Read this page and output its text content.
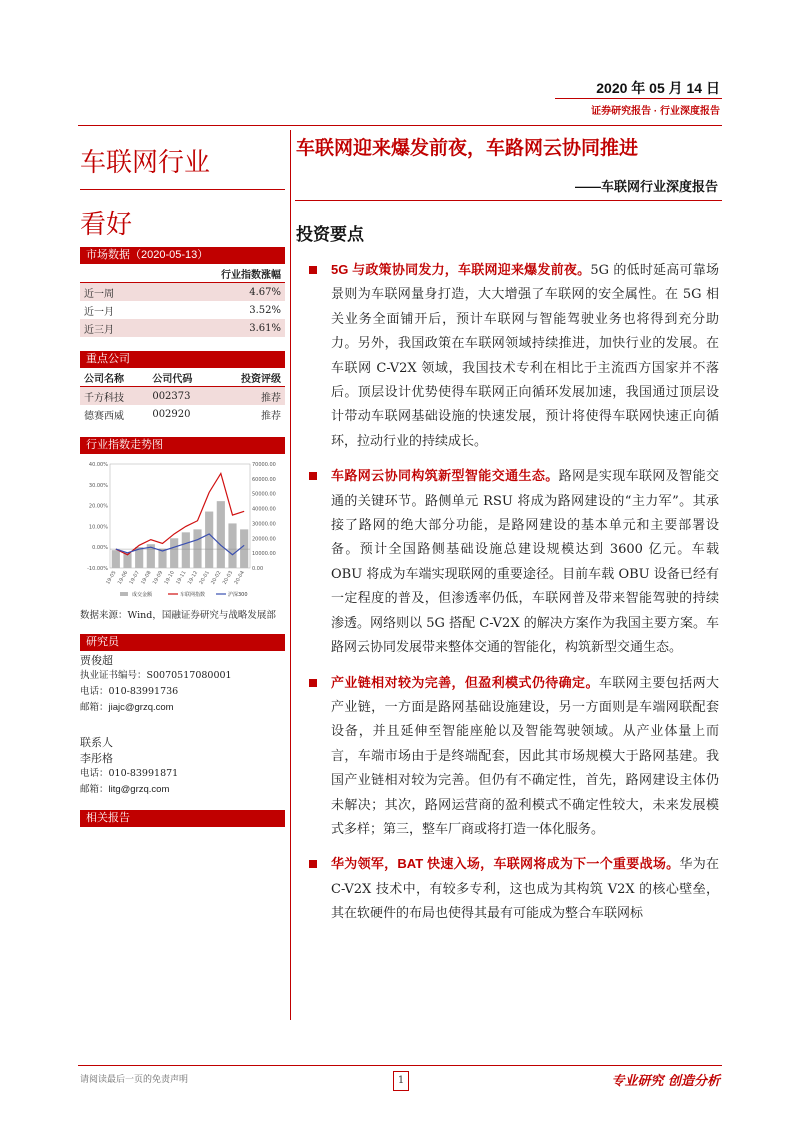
2020 年 05 月 14 日
证券研究报告 · 行业深度报告
车联网行业
看好
市场数据（2020-05-13）
	行业指数涨幅
近一周	4.67%
近一月	3.52%
近三月	3.61%
重点公司
公司名称	公司代码	投资评级
千方科技	002373	推荐
德赛西威	002920	推荐
行业指数走势图
40.00%
30.00%
20.00%
10.00%
0.00%
-10.00%
70000.00
60000.00
50000.00
40000.00
30000.00
20000.00
10000.00
0.00
19-05 19-06 19-07 19-08 19-09 19-10 19-11 19-12 20-01 20-02 20-03 20-04
成交金额	车联网指数	沪深300
数据来源：Wind，国融证券研究与战略发展部
研究员
贾俊超
执业证书编号：S0070517080001
电话：010-83991736
邮箱：jiajc@grzq.com
联系人
李彤格
电话：010-83991871
邮箱：litg@grzq.com
相关报告
车联网迎来爆发前夜，车路网云协同推进
——车联网行业深度报告
投资要点
5G 与政策协同发力，车联网迎来爆发前夜。5G 的低时延高可靠场景则为车联网量身打造，大大增强了车联网的安全属性。在 5G 相关业务全面铺开后，预计车联网与智能驾驶业务也将得到充分助力。另外，我国政策在车联网领域持续推进，加快行业的发展。在车联网 C-V2X 领域，我国技术专利在相比于主流西方国家并不落后。顶层设计优势使得车联网正向循环发展加速，我国通过顶层设计带动车联网基础设施的快速发展，预计将使得车联网快速正向循环，拉动行业的持续成长。
车路网云协同构筑新型智能交通生态。路网是实现车联网及智能交通的关键环节。路侧单元 RSU 将成为路网建设的“主力军”。其承接了路网的绝大部分功能，是路网建设的基本单元和主要部署设备。预计全国路侧基础设施总建设规模达到 3600 亿元。车载 OBU 将成为车端实现联网的重要途径。目前车载 OBU 设备已经有一定程度的普及，但渗透率仍低，车联网普及带来智能驾驶的持续渗透。网络则以 5G 搭配 C-V2X 的解决方案作为我国主要方案。车路网云协同发展带来整体交通的智能化，构筑新型交通生态。
产业链相对较为完善，但盈利模式仍待确定。车联网主要包括两大产业链，一方面是路网基础设施建设，另一方面则是车端网联配套设备，并且延伸至智能座舱以及智能驾驶领域。从产业体量上而言，车端市场由于是终端配套，因此其市场规模大于路网基建。我国产业链相对较为完善。但仍有不确定性，首先，路网建设主体仍未解决；其次，路网运营商的盈利模式不确定性较大，未来发展模式多样；第三，整车厂商或将打造一体化服务。
华为领军，BAT 快速入场，车联网将成为下一个重要战场。华为在 C-V2X 技术中，有较多专利，这也成为其构筑 V2X 的核心壁垒，其在软硬件的布局也使得其最有可能成为整合车联网标
请阅读最后一页的免责声明	1	专业研究 创造分析
